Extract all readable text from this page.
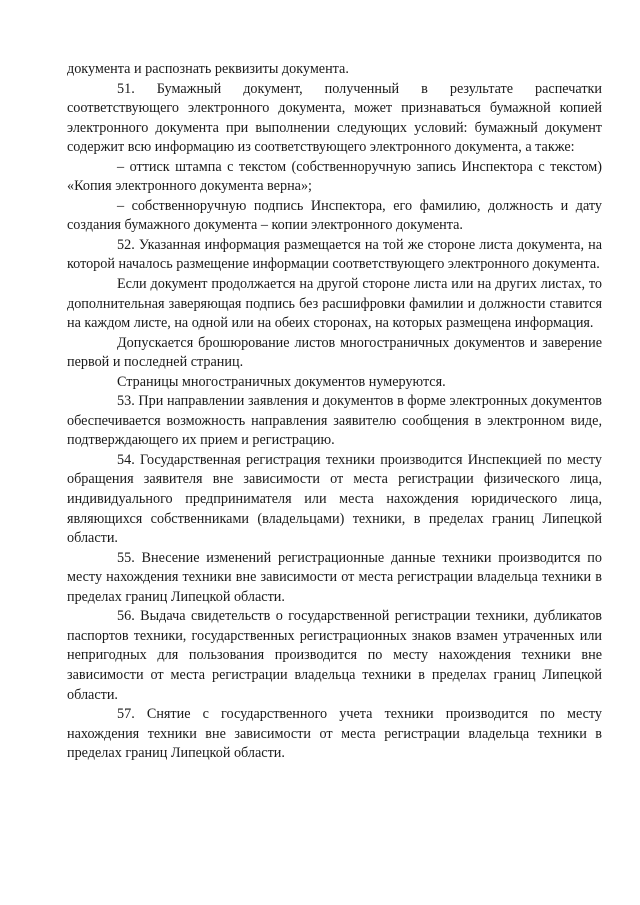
документа и распознать реквизиты документа.

51. Бумажный документ, полученный в результате распечатки соответствующего электронного документа, может признаваться бумажной копией электронного документа при выполнении следующих условий: бумажный документ содержит всю информацию из соответствующего электронного документа, а также:

– оттиск штампа с текстом (собственноручную запись Инспектора с текстом) «Копия электронного документа верна»;

– собственноручную подпись Инспектора, его фамилию, должность и дату создания бумажного документа – копии электронного документа.

52. Указанная информация размещается на той же стороне листа документа, на которой началось размещение информации соответствующего электронного документа.

Если документ продолжается на другой стороне листа или на других листах, то дополнительная заверяющая подпись без расшифровки фамилии и должности ставится на каждом листе, на одной или на обеих сторонах, на которых размещена информация.

Допускается брошюрование листов многостраничных документов и заверение первой и последней страниц.

Страницы многостраничных документов нумеруются.

53. При направлении заявления и документов в форме электронных документов обеспечивается возможность направления заявителю сообщения в электронном виде, подтверждающего их прием и регистрацию.

54. Государственная регистрация техники производится Инспекцией по месту обращения заявителя вне зависимости от места регистрации физического лица, индивидуального предпринимателя или места нахождения юридического лица, являющихся собственниками (владельцами) техники, в пределах границ Липецкой области.

55. Внесение изменений регистрационные данные техники производится по месту нахождения техники вне зависимости от места регистрации владельца техники в пределах границ Липецкой области.

56. Выдача свидетельств о государственной регистрации техники, дубликатов паспортов техники, государственных регистрационных знаков взамен утраченных или непригодных для пользования производится по месту нахождения техники вне зависимости от места регистрации владельца техники в пределах границ Липецкой области.

57. Снятие с государственного учета техники производится по месту нахождения техники вне зависимости от места регистрации владельца техники в пределах границ Липецкой области.
